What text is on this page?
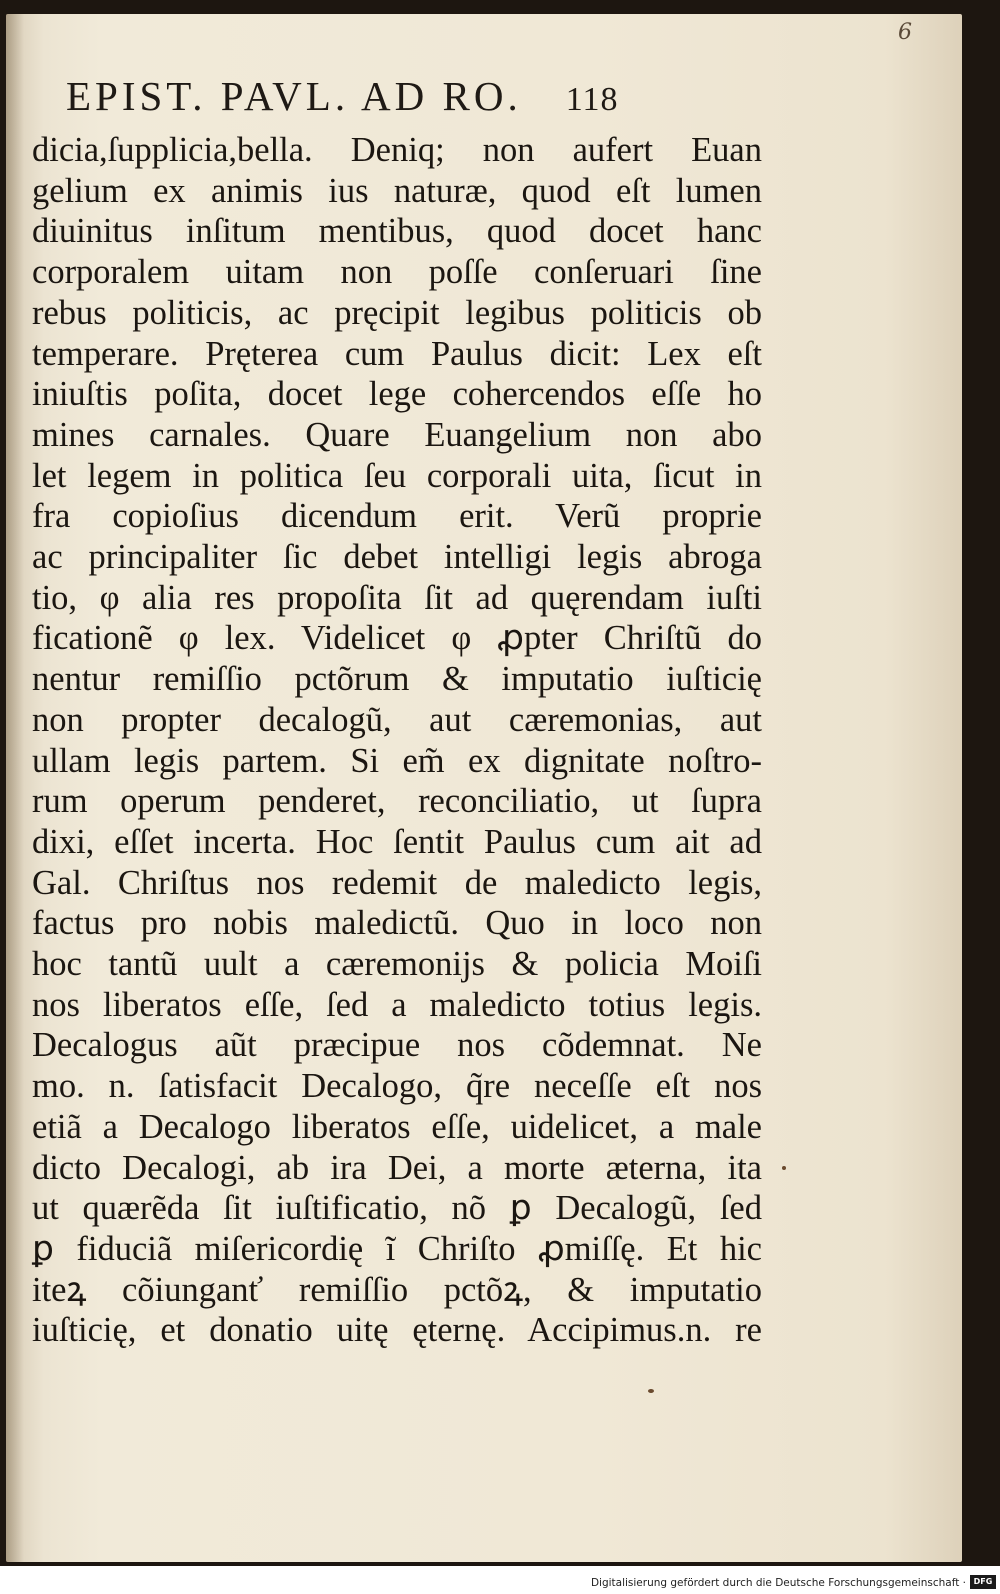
6
EPIST. PAVL. AD RO. 118
dicia,ſupplicia,bella. Deniq; non aufert Euan
gelium ex animis ius naturæ, quod eſt lumen
diuinitus inſitum mentibus, quod docet hanc
corporalem uitam non poſſe conſeruari ſine
rebus politicis, ac pręcipit legibus politicis ob
temperare. Pręterea cum Paulus dicit: Lex eſt
iniuſtis poſita, docet lege cohercendos eſſe ho
mines carnales. Quare Euangelium non abo
let legem in politica ſeu corporali uita, ſicut in
fra copioſius dicendum erit. Verũ proprie
ac principaliter ſic debet intelligi legis abroga
tio, φ alia res propoſita ſit ad quęrendam iuſti
ficationẽ φ lex. Videlicet φ ꝓpter Chriſtũ do
nentur remiſſio pctõrum & imputatio iuſticię
non propter decalogũ, aut cæremonias, aut
ullam legis partem. Si em̃ ex dignitate noſtro-
rum operum penderet, reconciliatio, ut ſupra
dixi, eſſet incerta. Hoc ſentit Paulus cum ait ad
Gal. Chriſtus nos redemit de maledicto legis,
factus pro nobis maledictũ. Quo in loco non
hoc tantũ uult a cæremonijs & policia Moiſi
nos liberatos eſſe, ſed a maledicto totius legis.
Decalogus aũt præcipue nos cõdemnat. Ne
mo. n. ſatisfacit Decalogo, q̃re neceſſe eſt nos
etiã a Decalogo liberatos eſſe, uidelicet, a male
dicto Decalogi, ab ira Dei, a morte æterna, ita
ut quærẽda ſit iuſtificatio, nõ ꝑ Decalogũ, ſed
ꝑ fiduciã miſericordię ĩ Chriſto ꝓmiſſę. Et hic
iteꝝ cõiunganť remiſſio pctõꝝ, & imputatio
iuſticię, et donatio uitę ęternę. Accipimus.n. re
Digitalisierung gefördert durch die Deutsche Forschungsgemeinschaft · DFG
